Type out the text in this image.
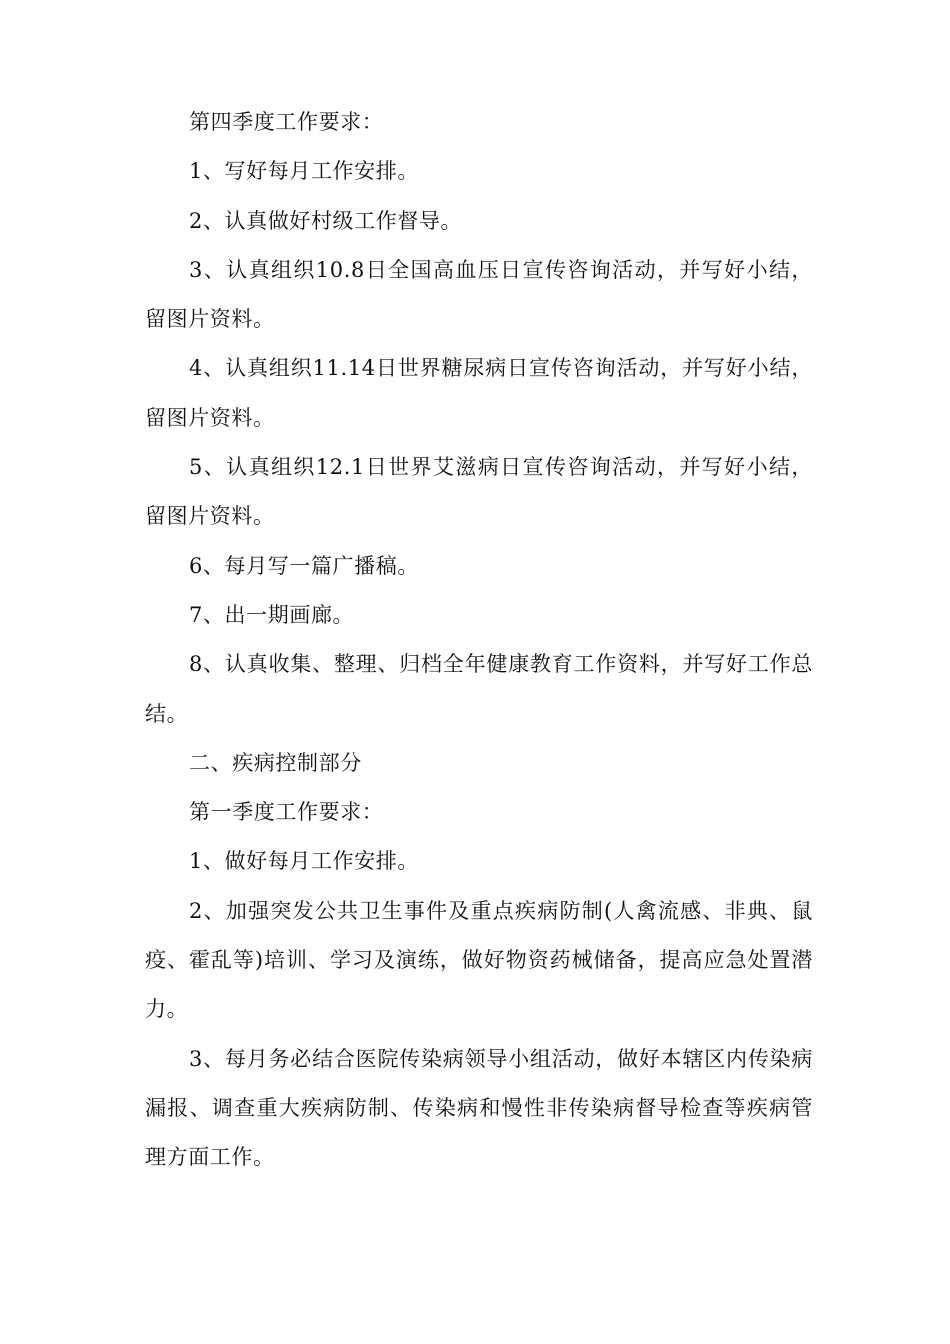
第四季度工作要求：

1、写好每月工作安排。

2、认真做好村级工作督导。

3、认真组织10.8日全国高血压日宣传咨询活动，并写好小结，留图片资料。

4、认真组织11.14日世界糖尿病日宣传咨询活动，并写好小结，留图片资料。

5、认真组织12.1日世界艾滋病日宣传咨询活动，并写好小结，留图片资料。

6、每月写一篇广播稿。

7、出一期画廊。

8、认真收集、整理、归档全年健康教育工作资料，并写好工作总结。

二、疾病控制部分

第一季度工作要求：

1、做好每月工作安排。

2、加强突发公共卫生事件及重点疾病防制(人禽流感、非典、鼠疫、霍乱等)培训、学习及演练，做好物资药械储备，提高应急处置潜力。

3、每月务必结合医院传染病领导小组活动，做好本辖区内传染病漏报、调查重大疾病防制、传染病和慢性非传染病督导检查等疾病管理方面工作。
